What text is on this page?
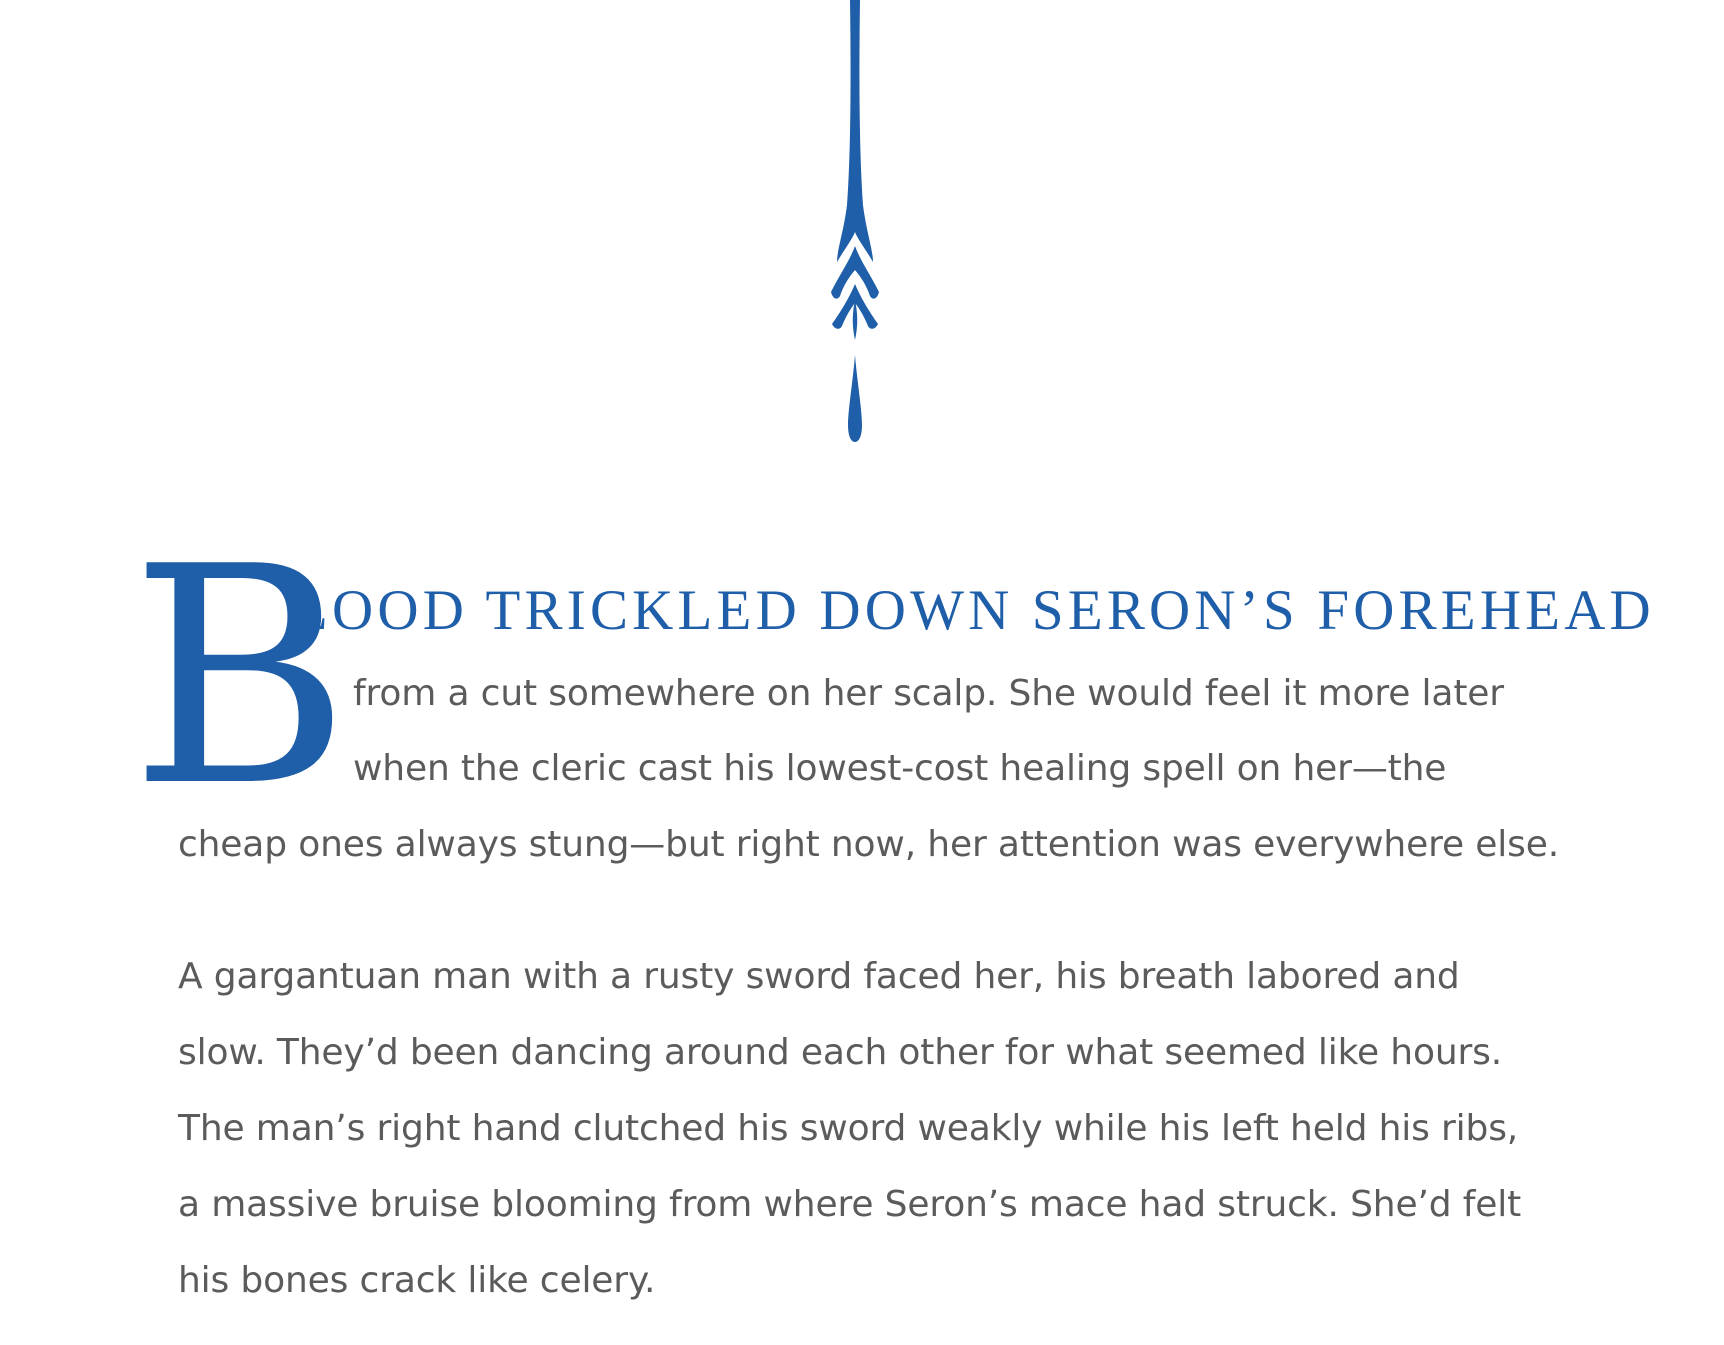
B
LOOD TRICKLED DOWN SERON’S FOREHEAD

from a cut somewhere on her scalp. She would feel it more later

when the cleric cast his lowest-cost healing spell on her—the

cheap ones always stung—but right now, her attention was everywhere else.

A gargantuan man with a rusty sword faced her, his breath labored and

slow. They’d been dancing around each other for what seemed like hours.

The man’s right hand clutched his sword weakly while his left held his ribs,

a massive bruise blooming from where Seron’s mace had struck. She’d felt

his bones crack like celery.
